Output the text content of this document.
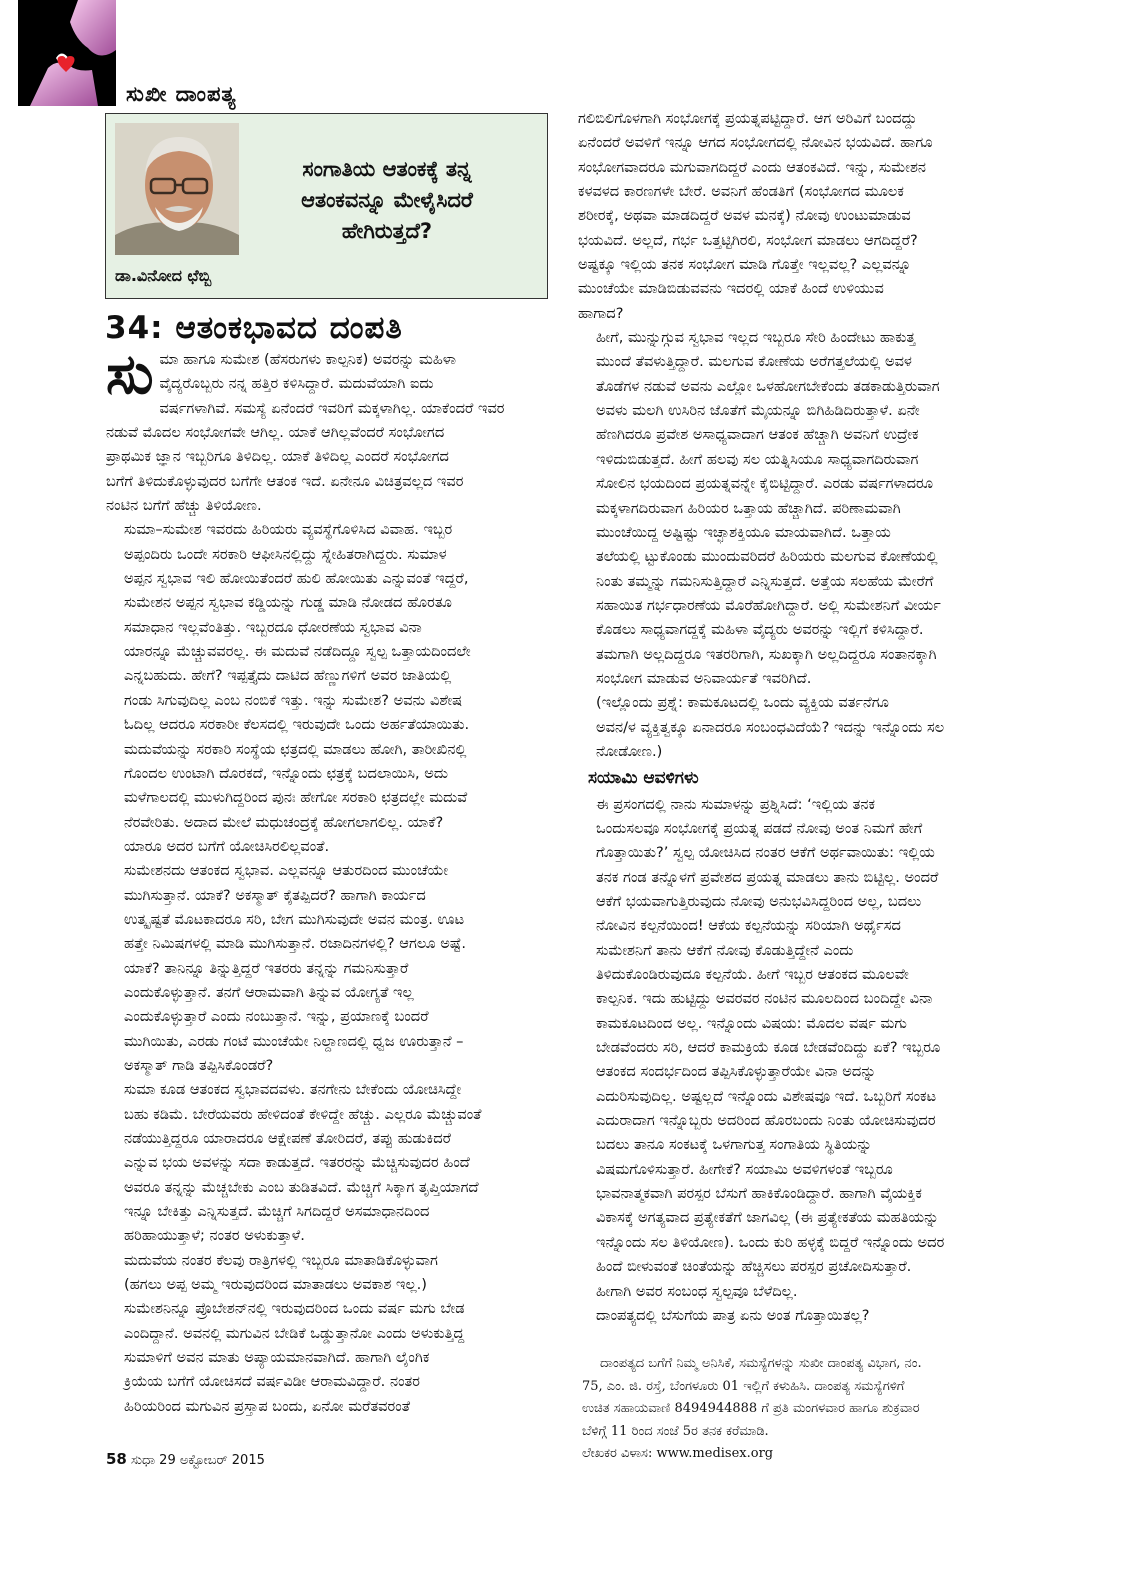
ಸುಖೀ ದಾಂಪತ್ಯ
ಡಾ.ವಿನೋದ ಛೆಬ್ಬಿ
ಸಂಗಾತಿಯ ಆತಂಕಕ್ಕೆ ತನ್ನ
ಆತಂಕವನ್ನೂ ಮೇಳೈಸಿದರೆ
ಹೇಗಿರುತ್ತದೆ?
34: ಆತಂಕಭಾವದ ದಂಪತಿ
ಸು ಮಾ ಹಾಗೂ ಸುಮೇಶ (ಹೆಸರುಗಳು ಕಾಲ್ಪನಿಕ) ಅವರನ್ನು ಮಹಿಳಾ
ವೈದ್ಯರೊಬ್ಬರು ನನ್ನ ಹತ್ತಿರ ಕಳಿಸಿದ್ದಾರೆ. ಮದುವೆಯಾಗಿ ಐದು
ವರ್ಷಗಳಾಗಿವೆ. ಸಮಸ್ಯೆ ಏನೆಂದರೆ ಇವರಿಗೆ ಮಕ್ಕಳಾಗಿಲ್ಲ. ಯಾಕೆಂದರೆ ಇವರ
ನಡುವೆ ಮೊದಲ ಸಂಭೋಗವೇ ಆಗಿಲ್ಲ. ಯಾಕೆ ಆಗಿಲ್ಲವೆಂದರೆ ಸಂಭೋಗದ
ಪ್ರಾಥಮಿಕ ಜ್ಞಾನ ಇಬ್ಬರಿಗೂ ತಿಳಿದಿಲ್ಲ. ಯಾಕೆ ತಿಳಿದಿಲ್ಲ ಎಂದರೆ ಸಂಭೋಗದ
ಬಗೆಗೆ ತಿಳಿದುಕೊಳ್ಳುವುದರ ಬಗೆಗೇ ಆತಂಕ ಇದೆ. ಏನೇನೂ ವಿಚಿತ್ರವಲ್ಲದ ಇವರ
ನಂಟಿನ ಬಗೆಗೆ ಹೆಚ್ಚು ತಿಳಿಯೋಣ.

ಸುಮಾ–ಸುಮೇಶ ಇವರದು ಹಿರಿಯರು ವ್ಯವಸ್ಥೆಗೊಳಿಸಿದ ವಿವಾಹ. ಇಬ್ಬರ
ಅಪ್ಪಂದಿರು ಒಂದೇ ಸರಕಾರಿ ಆಫೀಸಿನಲ್ಲಿದ್ದು ಸ್ನೇಹಿತರಾಗಿದ್ದರು. ಸುಮಾಳ
ಅಪ್ಪನ ಸ್ವಭಾವ ಇಲಿ ಹೋಯಿತೆಂದರೆ ಹುಲಿ ಹೋಯಿತು ಎನ್ನುವಂತೆ ಇದ್ದರೆ,
ಸುಮೇಶನ ಅಪ್ಪನ ಸ್ವಭಾವ ಕಡ್ಡಿಯನ್ನು ಗುಡ್ಡ ಮಾಡಿ ನೋಡದ ಹೊರತೂ
ಸಮಾಧಾನ ಇಲ್ಲವೆಂತಿತ್ತು. ಇಬ್ಬರದೂ ಧೋರಣೆಯ ಸ್ವಭಾವ ವಿನಾ
ಯಾರನ್ನೂ ಮೆಚ್ಚುವವರಲ್ಲ. ಈ ಮದುವೆ ನಡೆದಿದ್ದೂ ಸ್ವಲ್ಪ ಒತ್ತಾಯದಿಂದಲೇ
ಎನ್ನಬಹುದು. ಹೇಗೆ? ಇಪ್ಪತ್ತೈದು ದಾಟಿದ ಹೆಣ್ಣುಗಳಿಗೆ ಅವರ ಜಾತಿಯಲ್ಲಿ
ಗಂಡು ಸಿಗುವುದಿಲ್ಲ ಎಂಬ ನಂಬಿಕೆ ಇತ್ತು. ಇನ್ನು ಸುಮೇಶ? ಅವನು ವಿಶೇಷ
ಓದಿಲ್ಲ ಆದರೂ ಸರಕಾರೀ ಕೆಲಸದಲ್ಲಿ ಇರುವುದೇ ಒಂದು ಅರ್ಹತೆಯಾಯಿತು.
ಮದುವೆಯನ್ನು ಸರಕಾರಿ ಸಂಸ್ಥೆಯ ಛತ್ರದಲ್ಲಿ ಮಾಡಲು ಹೋಗಿ, ತಾರೀಖಿನಲ್ಲಿ
ಗೊಂದಲ ಉಂಟಾಗಿ ದೊರಕದೆ, ಇನ್ನೊಂದು ಛತ್ರಕ್ಕೆ ಬದಲಾಯಿಸಿ, ಅದು
ಮಳೆಗಾಲದಲ್ಲಿ ಮುಳುಗಿದ್ದರಿಂದ ಪುನಃ ಹೇಗೋ ಸರಕಾರಿ ಛತ್ರದಲ್ಲೇ ಮದುವೆ
ನೆರವೇರಿತು. ಅದಾದ ಮೇಲೆ ಮಧುಚಂದ್ರಕ್ಕೆ ಹೋಗಲಾಗಲಿಲ್ಲ. ಯಾಕೆ?
ಯಾರೂ ಅದರ ಬಗೆಗೆ ಯೋಚಿಸಿರಲಿಲ್ಲವಂತೆ.

ಸುಮೇಶನದು ಆತಂಕದ ಸ್ವಭಾವ. ಎಲ್ಲವನ್ನೂ ಆತುರದಿಂದ ಮುಂಚೆಯೇ
ಮುಗಿಸುತ್ತಾನೆ. ಯಾಕೆ? ಅಕಸ್ಮಾತ್ ಕೈತಪ್ಪಿದರೆ? ಹಾಗಾಗಿ ಕಾರ್ಯದ
ಉತ್ಕೃಷ್ಟತೆ ಮೊಟಕಾದರೂ ಸರಿ, ಬೇಗ ಮುಗಿಸುವುದೇ ಅವನ ಮಂತ್ರ. ಊಟ
ಹತ್ತೇ ನಿಮಿಷಗಳಲ್ಲಿ ಮಾಡಿ ಮುಗಿಸುತ್ತಾನೆ. ರಜಾದಿನಗಳಲ್ಲಿ? ಆಗಲೂ ಅಷ್ಟೆ.
ಯಾಕೆ? ತಾನಿನ್ನೂ ತಿನ್ನುತ್ತಿದ್ದರೆ ಇತರರು ತನ್ನನ್ನು ಗಮನಿಸುತ್ತಾರೆ
ಎಂದುಕೊಳ್ಳುತ್ತಾನೆ. ತನಗೆ ಆರಾಮವಾಗಿ ತಿನ್ನುವ ಯೋಗ್ಯತೆ ಇಲ್ಲ
ಎಂದುಕೊಳ್ಳುತ್ತಾರೆ ಎಂದು ನಂಬುತ್ತಾನೆ. ಇನ್ನು, ಪ್ರಯಾಣಕ್ಕೆ ಬಂದರೆ
ಮುಗಿಯಿತು, ಎರಡು ಗಂಟೆ ಮುಂಚೆಯೇ ನಿಲ್ದಾಣದಲ್ಲಿ ಧ್ವಜ ಊರುತ್ತಾನೆ –
ಅಕಸ್ಮಾತ್ ಗಾಡಿ ತಪ್ಪಿಸಿಕೊಂಡರೆ?

ಸುಮಾ ಕೂಡ ಆತಂಕದ ಸ್ವಭಾವದವಳು. ತನಗೇನು ಬೇಕೆಂದು ಯೋಚಿಸಿದ್ದೇ
ಬಹು ಕಡಿಮೆ. ಬೇರೆಯವರು ಹೇಳಿದಂತೆ ಕೇಳಿದ್ದೇ ಹೆಚ್ಚು. ಎಲ್ಲರೂ ಮೆಚ್ಚುವಂತೆ
ನಡೆಯುತ್ತಿದ್ದರೂ ಯಾರಾದರೂ ಆಕ್ಷೇಪಣೆ ತೋರಿದರೆ, ತಪ್ಪು ಹುಡುಕಿದರೆ
ಎನ್ನುವ ಭಯ ಅವಳನ್ನು ಸದಾ ಕಾಡುತ್ತದೆ. ಇತರರನ್ನು ಮೆಚ್ಚಿಸುವುದರ ಹಿಂದೆ
ಅವರೂ ತನ್ನನ್ನು ಮೆಚ್ಚಬೇಕು ಎಂಬ ತುಡಿತವಿದೆ. ಮೆಚ್ಚಿಗೆ ಸಿಕ್ಕಾಗ ತೃಪ್ತಿಯಾಗದೆ
ಇನ್ನೂ ಬೇಕಿತ್ತು ಎನ್ನಿಸುತ್ತದೆ. ಮೆಚ್ಚಿಗೆ ಸಿಗದಿದ್ದರೆ ಅಸಮಾಧಾನದಿಂದ
ಹರಿಹಾಯುತ್ತಾಳೆ; ನಂತರ ಅಳುಕುತ್ತಾಳೆ.

ಮದುವೆಯ ನಂತರ ಕೆಲವು ರಾತ್ರಿಗಳಲ್ಲಿ ಇಬ್ಬರೂ ಮಾತಾಡಿಕೊಳ್ಳುವಾಗ
(ಹಗಲು ಅಪ್ಪ ಅಮ್ಮ ಇರುವುದರಿಂದ ಮಾತಾಡಲು ಅವಕಾಶ ಇಲ್ಲ.)
ಸುಮೇಶನಿನ್ನೂ ಪ್ರೊಬೇಶನ್‌ನಲ್ಲಿ ಇರುವುದರಿಂದ ಒಂದು ವರ್ಷ ಮಗು ಬೇಡ
ಎಂದಿದ್ದಾನೆ. ಅವನಲ್ಲಿ ಮಗುವಿನ ಬೇಡಿಕೆ ಒಡ್ಡುತ್ತಾನೋ ಎಂದು ಅಳುಕುತ್ತಿದ್ದ
ಸುಮಾಳಿಗೆ ಅವನ ಮಾತು ಅಪ್ಯಾಯಮಾನವಾಗಿದೆ. ಹಾಗಾಗಿ ಲೈಂಗಿಕ
ಕ್ರಿಯೆಯ ಬಗೆಗೆ ಯೋಚಿಸದೆ ವರ್ಷವಿಡೀ ಆರಾಮವಿದ್ದಾರೆ. ನಂತರ
ಹಿರಿಯರಿಂದ ಮಗುವಿನ ಪ್ರಸ್ತಾಪ ಬಂದು, ಏನೋ ಮರೆತವರಂತೆ

ಗಲಿಬಿಲಿಗೊಳಗಾಗಿ ಸಂಭೋಗಕ್ಕೆ ಪ್ರಯತ್ನಪಟ್ಟಿದ್ದಾರೆ. ಆಗ ಅರಿವಿಗೆ ಬಂದದ್ದು
ಏನೆಂದರೆ ಅವಳಿಗೆ ಇನ್ನೂ ಆಗದ ಸಂಭೋಗದಲ್ಲಿ ನೋವಿನ ಭಯವಿದೆ. ಹಾಗೂ
ಸಂಭೋಗವಾದರೂ ಮಗುವಾಗದಿದ್ದರೆ ಎಂದು ಆತಂಕವಿದೆ. ಇನ್ನು, ಸುಮೇಶನ
ಕಳವಳದ ಕಾರಣಗಳೇ ಬೇರೆ. ಅವನಿಗೆ ಹೆಂಡತಿಗೆ (ಸಂಭೋಗದ ಮೂಲಕ
ಶರೀರಕ್ಕೆ, ಅಥವಾ ಮಾಡದಿದ್ದರೆ ಅವಳ ಮನಕ್ಕೆ) ನೋವು ಉಂಟುಮಾಡುವ
ಭಯವಿದೆ. ಅಲ್ಲದೆ, ಗರ್ಭ ಒತ್ತಟ್ಟಿಗಿರಲಿ, ಸಂಭೋಗ ಮಾಡಲು ಆಗದಿದ್ದರೆ?
ಅಷ್ಟಕ್ಕೂ ಇಲ್ಲಿಯ ತನಕ ಸಂಭೋಗ ಮಾಡಿ ಗೊತ್ತೇ ಇಲ್ಲವಲ್ಲ? ಎಲ್ಲವನ್ನೂ
ಮುಂಚೆಯೇ ಮಾಡಿಬಿಡುವವನು ಇದರಲ್ಲಿ ಯಾಕೆ ಹಿಂದೆ ಉಳಿಯುವ
ಹಾಗಾದ?

ಹೀಗೆ, ಮುನ್ನುಗ್ಗುವ ಸ್ವಭಾವ ಇಲ್ಲದ ಇಬ್ಬರೂ ಸೇರಿ ಹಿಂದೇಟು ಹಾಕುತ್ತ
ಮುಂದೆ ತೆವಳುತ್ತಿದ್ದಾರೆ. ಮಲಗುವ ಕೋಣೆಯ ಅರೆಗತ್ತಲೆಯಲ್ಲಿ ಅವಳ
ತೊಡೆಗಳ ನಡುವೆ ಅವನು ಎಲ್ಲೋ ಒಳಹೋಗಬೇಕೆಂದು ತಡಕಾಡುತ್ತಿರುವಾಗ
ಅವಳು ಮಲಗಿ ಉಸಿರಿನ ಜೊತೆಗೆ ಮೈಯನ್ನೂ ಬಿಗಿಹಿಡಿದಿರುತ್ತಾಳೆ. ಏನೇ
ಹೆಣಗಿದರೂ ಪ್ರವೇಶ ಅಸಾಧ್ಯವಾದಾಗ ಆತಂಕ ಹೆಚ್ಚಾಗಿ ಅವನಿಗೆ ಉದ್ರೇಕ
ಇಳಿದುಬಿಡುತ್ತದೆ. ಹೀಗೆ ಹಲವು ಸಲ ಯತ್ನಿಸಿಯೂ ಸಾಧ್ಯವಾಗದಿರುವಾಗ
ಸೋಲಿನ ಭಯದಿಂದ ಪ್ರಯತ್ನವನ್ನೇ ಕೈಬಿಟ್ಟಿದ್ದಾರೆ. ಎರಡು ವರ್ಷಗಳಾದರೂ
ಮಕ್ಕಳಾಗದಿರುವಾಗ ಹಿರಿಯರ ಒತ್ತಾಯ ಹೆಚ್ಚಾಗಿದೆ. ಪರಿಣಾಮವಾಗಿ
ಮುಂಚೆಯಿದ್ದ ಅಷ್ಟಿಷ್ಟು ಇಚ್ಛಾಶಕ್ತಿಯೂ ಮಾಯವಾಗಿದೆ. ಒತ್ತಾಯ
ತಲೆಯಲ್ಲಿ ಟ್ಟುಕೊಂಡು ಮುಂದುವರಿದರೆ ಹಿರಿಯರು ಮಲಗುವ ಕೋಣೆಯಲ್ಲಿ
ನಿಂತು ತಮ್ಮನ್ನು ಗಮನಿಸುತ್ತಿದ್ದಾರೆ ಎನ್ನಿಸುತ್ತದೆ. ಅತ್ತೆಯ ಸಲಹೆಯ ಮೇರೆಗೆ
ಸಹಾಯಿತ ಗರ್ಭಧಾರಣೆಯ ಮೊರೆಹೋಗಿದ್ದಾರೆ. ಅಲ್ಲಿ ಸುಮೇಶನಿಗೆ ವೀರ್ಯ
ಕೊಡಲು ಸಾಧ್ಯವಾಗದ್ದಕ್ಕೆ ಮಹಿಳಾ ವೈದ್ಯರು ಅವರನ್ನು ಇಲ್ಲಿಗೆ ಕಳಿಸಿದ್ದಾರೆ.
ತಮಗಾಗಿ ಅಲ್ಲದಿದ್ದರೂ ಇತರರಿಗಾಗಿ, ಸುಖಕ್ಕಾಗಿ ಅಲ್ಲದಿದ್ದರೂ ಸಂತಾನಕ್ಕಾಗಿ
ಸಂಭೋಗ ಮಾಡುವ ಅನಿವಾರ್ಯತೆ ಇವರಿಗಿದೆ.

(ಇಲ್ಲೊಂದು ಪ್ರಶ್ನೆ: ಕಾಮಕೂಟದಲ್ಲಿ ಒಂದು ವ್ಯಕ್ತಿಯ ವರ್ತನೆಗೂ
ಅವನ/ಳ ವ್ಯಕ್ತಿತ್ವಕ್ಕೂ ಏನಾದರೂ ಸಂಬಂಧವಿದೆಯೆ? ಇದನ್ನು ಇನ್ನೊಂದು ಸಲ
ನೋಡೋಣ.)

ಸಯಾಮಿ ಆವಳಿಗಳು

ಈ ಪ್ರಸಂಗದಲ್ಲಿ ನಾನು ಸುಮಾಳನ್ನು ಪ್ರಶ್ನಿಸಿದೆ: ‘ಇಲ್ಲಿಯ ತನಕ
ಒಂದುಸಲವೂ ಸಂಭೋಗಕ್ಕೆ ಪ್ರಯತ್ನ ಪಡದೆ ನೋವು ಅಂತ ನಿಮಗೆ ಹೇಗೆ
ಗೊತ್ತಾಯಿತು?’ ಸ್ವಲ್ಪ ಯೋಚಿಸಿದ ನಂತರ ಆಕೆಗೆ ಅರ್ಥವಾಯಿತು: ಇಲ್ಲಿಯ
ತನಕ ಗಂಡ ತನ್ನೊಳಗೆ ಪ್ರವೇಶದ ಪ್ರಯತ್ನ ಮಾಡಲು ತಾನು ಬಿಟ್ಟಿಲ್ಲ. ಅಂದರೆ
ಆಕೆಗೆ ಭಯವಾಗುತ್ತಿರುವುದು ನೋವು ಅನುಭವಿಸಿದ್ದರಿಂದ ಅಲ್ಲ, ಬದಲು
ನೋವಿನ ಕಲ್ಪನೆಯಿಂದ! ಆಕೆಯ ಕಲ್ಪನೆಯನ್ನು ಸರಿಯಾಗಿ ಅರ್ಥೈಸದ
ಸುಮೇಶನಿಗೆ ತಾನು ಆಕೆಗೆ ನೋವು ಕೊಡುತ್ತಿದ್ದೇನೆ ಎಂದು
ತಿಳಿದುಕೊಂಡಿರುವುದೂ ಕಲ್ಪನೆಯೆ. ಹೀಗೆ ಇಬ್ಬರ ಆತಂಕದ ಮೂಲವೇ
ಕಾಲ್ಪನಿಕ. ಇದು ಹುಟ್ಟಿದ್ದು ಅವರವರ ನಂಟಿನ ಮೂಲದಿಂದ ಬಂದಿದ್ದೇ ವಿನಾ
ಕಾಮಕೂಟದಿಂದ ಅಲ್ಲ. ಇನ್ನೊಂದು ವಿಷಯ: ಮೊದಲ ವರ್ಷ ಮಗು
ಬೇಡವೆಂದರು ಸರಿ, ಆದರೆ ಕಾಮಕ್ರಿಯೆ ಕೂಡ ಬೇಡವೆಂದಿದ್ದು ಏಕೆ? ಇಬ್ಬರೂ
ಆತಂಕದ ಸಂದರ್ಭದಿಂದ ತಪ್ಪಿಸಿಕೊಳ್ಳುತ್ತಾರೆಯೇ ವಿನಾ ಅದನ್ನು
ಎದುರಿಸುವುದಿಲ್ಲ. ಅಷ್ಟಲ್ಲದೆ ಇನ್ನೊಂದು ವಿಶೇಷವೂ ಇದೆ. ಒಬ್ಬರಿಗೆ ಸಂಕಟ
ಎದುರಾದಾಗ ಇನ್ನೊಬ್ಬರು ಅದರಿಂದ ಹೊರಬಂದು ನಿಂತು ಯೋಚಿಸುವುದರ
ಬದಲು ತಾನೂ ಸಂಕಟಕ್ಕೆ ಒಳಗಾಗುತ್ತ ಸಂಗಾತಿಯ ಸ್ಥಿತಿಯನ್ನು
ವಿಷಮಗೊಳಿಸುತ್ತಾರೆ. ಹೀಗೇಕೆ? ಸಯಾಮಿ ಅವಳಿಗಳಂತೆ ಇಬ್ಬರೂ
ಭಾವನಾತ್ಮಕವಾಗಿ ಪರಸ್ಪರ ಬೆಸುಗೆ ಹಾಕಿಕೊಂಡಿದ್ದಾರೆ. ಹಾಗಾಗಿ ವೈಯಕ್ತಿಕ
ವಿಕಾಸಕ್ಕೆ ಅಗತ್ಯವಾದ ಪ್ರತ್ಯೇಕತೆಗೆ ಜಾಗವಿಲ್ಲ (ಈ ಪ್ರತ್ಯೇಕತೆಯ ಮಹತಿಯನ್ನು
ಇನ್ನೊಂದು ಸಲ ತಿಳಿಯೋಣ). ಒಂದು ಕುರಿ ಹಳ್ಳಕ್ಕೆ ಬಿದ್ದರೆ ಇನ್ನೊಂದು ಅದರ
ಹಿಂದೆ ಬೀಳುವಂತೆ ಚಿಂತೆಯನ್ನು ಹೆಚ್ಚಿಸಲು ಪರಸ್ಪರ ಪ್ರಚೋದಿಸುತ್ತಾರೆ.
ಹೀಗಾಗಿ ಅವರ ಸಂಬಂಧ ಸ್ವಲ್ಪವೂ ಬೆಳೆದಿಲ್ಲ.

ದಾಂಪತ್ಯದಲ್ಲಿ ಬೆಸುಗೆಯ ಪಾತ್ರ ಏನು ಅಂತ ಗೊತ್ತಾಯಿತಲ್ಲ?

ದಾಂಪತ್ಯದ ಬಗೆಗೆ ನಿಮ್ಮ ಅನಿಸಿಕೆ, ಸಮಸ್ಯೆಗಳನ್ನು ಸುಖೀ ದಾಂಪತ್ಯ ವಿಭಾಗ, ನಂ.
75, ಎಂ. ಜಿ. ರಸ್ತೆ, ಬೆಂಗಳೂರು 01 ಇಲ್ಲಿಗೆ ಕಳುಹಿಸಿ. ದಾಂಪತ್ಯ ಸಮಸ್ಯೆಗಳಿಗೆ
ಉಚಿತ ಸಹಾಯವಾಣಿ 8494944888 ಗೆ ಪ್ರತಿ ಮಂಗಳವಾರ ಹಾಗೂ ಶುಕ್ರವಾರ
ಬೆಳಿಗ್ಗೆ 11 ರಿಂದ ಸಂಜೆ 5ರ ತನಕ ಕರೆಮಾಡಿ.
ಲೇಖಕರ ವಿಳಾಸ: www.medisex.org
58 ಸುಧಾ 29 ಅಕ್ಟೋಬರ್ 2015
